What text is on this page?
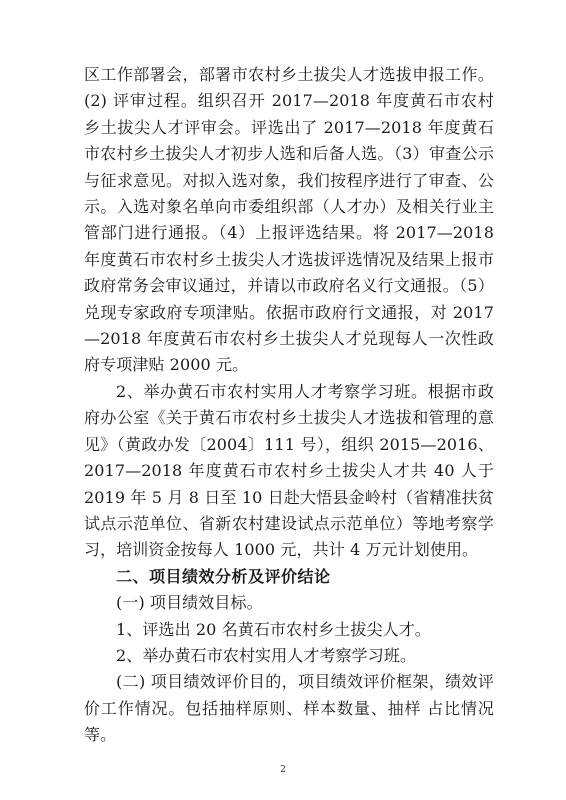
区工作部署会，部署市农村乡土拔尖人才选拔申报工作。(2) 评审过程。组织召开 2017—2018 年度黄石市农村乡土拔尖人才评审会。评选出了 2017—2018 年度黄石市农村乡土拔尖人才初步人选和后备人选。（3）审查公示与征求意见。对拟入选对象，我们按程序进行了审查、公示。入选对象名单向市委组织部（人才办）及相关行业主管部门进行通报。（4）上报评选结果。将 2017—2018 年度黄石市农村乡土拔尖人才选拔评选情况及结果上报市政府常务会审议通过，并请以市政府名义行文通报。（5）兑现专家政府专项津贴。依据市政府行文通报，对 2017—2018 年度黄石市农村乡土拔尖人才兑现每人一次性政府专项津贴 2000 元。

2、举办黄石市农村实用人才考察学习班。根据市政府办公室《关于黄石市农村乡土拔尖人才选拔和管理的意见》（黄政办发〔2004〕111 号），组织 2015—2016、2017—2018 年度黄石市农村乡土拔尖人才共 40 人于 2019 年 5 月 8 日至 10 日赴大悟县金岭村（省精准扶贫试点示范单位、省新农村建设试点示范单位）等地考察学习，培训资金按每人 1000 元，共计 4 万元计划使用。

二、项目绩效分析及评价结论

(一) 项目绩效目标。

1、评选出 20 名黄石市农村乡土拔尖人才。

2、举办黄石市农村实用人才考察学习班。

(二) 项目绩效评价目的，项目绩效评价框架，绩效评价工作情况。包括抽样原则、样本数量、抽样 占比情况等。

2
